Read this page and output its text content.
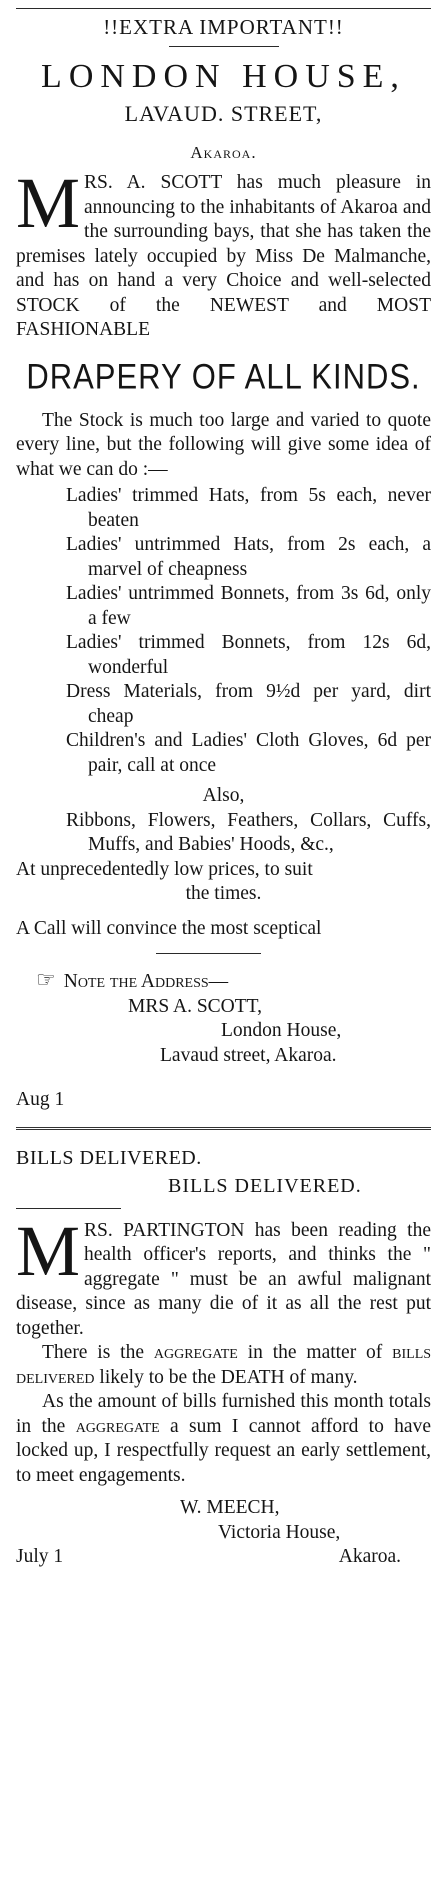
!!EXTRA IMPORTANT!!
LONDON HOUSE,
LAVAUD. STREET,
Akaroa.
MRS. A. SCOTT has much pleasure in announcing to the inhabitants of Akaroa and the surrounding bays, that she has taken the premises lately occupied by Miss De Malmanche, and has on hand a very Choice and well-selected STOCK of the NEWEST and MOST FASHIONABLE
DRAPERY OF ALL KINDS.
The Stock is much too large and varied to quote every line, but the following will give some idea of what we can do :—
Ladies' trimmed Hats, from 5s each, never beaten
Ladies' untrimmed Hats, from 2s each, a marvel of cheapness
Ladies' untrimmed Bonnets, from 3s 6d, only a few
Ladies' trimmed Bonnets, from 12s 6d, wonderful
Dress Materials, from 9½d per yard, dirt cheap
Children's and Ladies' Cloth Gloves, 6d per pair, call at once
Also,
Ribbons, Flowers, Feathers, Collars, Cuffs, Muffs, and Babies' Hoods, &c.,
At unprecedentedly low prices, to suit
the times.
A Call will convince the most sceptical
☞ Note the Address—
MRS A. SCOTT,
London House,
Lavaud street, Akaroa.
Aug 1
BILLS DELIVERED.
BILLS DELIVERED.
MRS. PARTINGTON has been reading the health officer's reports, and thinks the " aggregate " must be an awful malignant disease, since as many die of it as all the rest put together.
There is the aggregate in the matter of bills delivered likely to be the DEATH of many.
As the amount of bills furnished this month totals in the aggregate a sum I cannot afford to have locked up, I respectfully request an early settlement, to meet engagements.
W. MEECH,
Victoria House,
July 1	Akaroa.
